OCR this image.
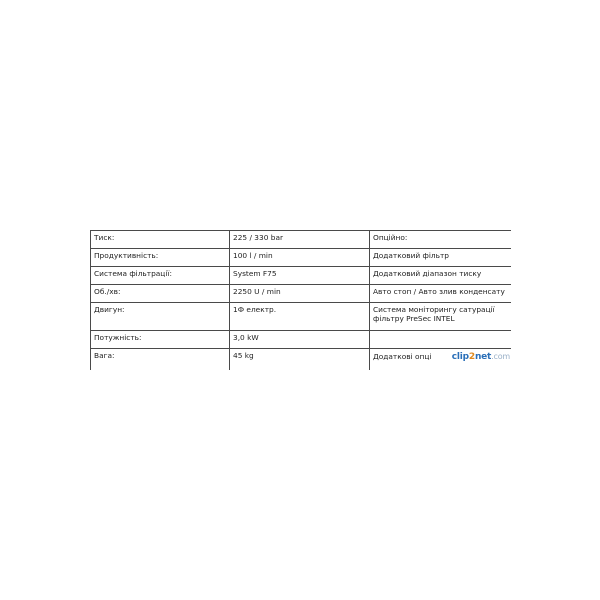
Тиск:	225 / 330 bar	Опційно:
Продуктивність:	100 l / min	Додатковий фільтр
Система фільтрації:	System F75	Додатковий діапазон тиску
Об./хв:	2250 U / min	Авто стоп / Авто злив конденсату
Двигун:	1Ф електр.	Система моніторингу сатурації фільтру PreSec INTEL
Потужність:	3,0 kW	
Вага:	45 kg	Додаткові опці clip 2 net .com
